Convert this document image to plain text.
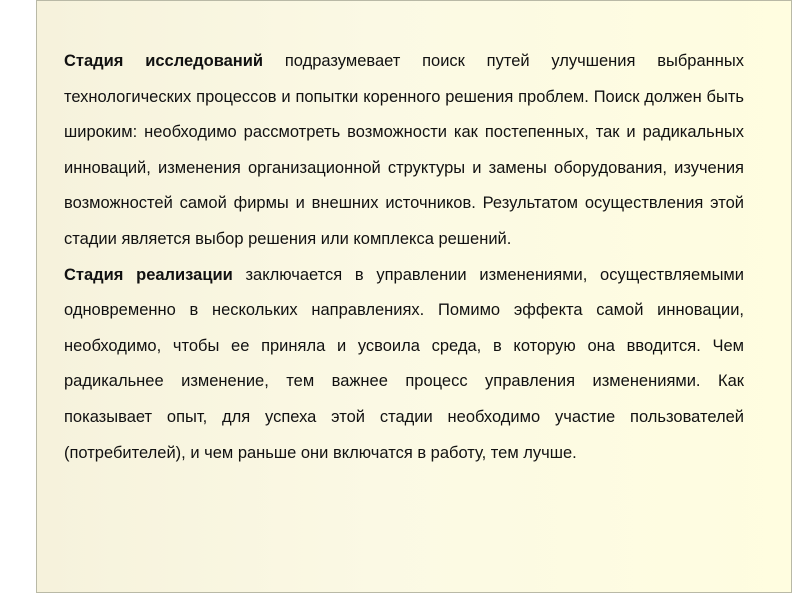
Стадия исследований подразумевает поиск путей улучшения выбранных технологических процессов и попытки коренного решения проблем. Поиск должен быть широким: необходимо рассмотреть возможности как постепенных, так и радикальных инноваций, изменения организационной структуры и замены оборудования, изучения возможностей самой фирмы и внешних источников. Результатом осуществления этой стадии является выбор решения или комплекса решений.

Стадия реализации заключается в управлении изменениями, осуществляемыми одновременно в нескольких направлениях. Помимо эффекта самой инновации, необходимо, чтобы ее приняла и усвоила среда, в которую она вводится. Чем радикальнее изменение, тем важнее процесс управления изменениями. Как показывает опыт, для успеха этой стадии необходимо участие пользователей (потребителей), и чем раньше они включатся в работу, тем лучше.
